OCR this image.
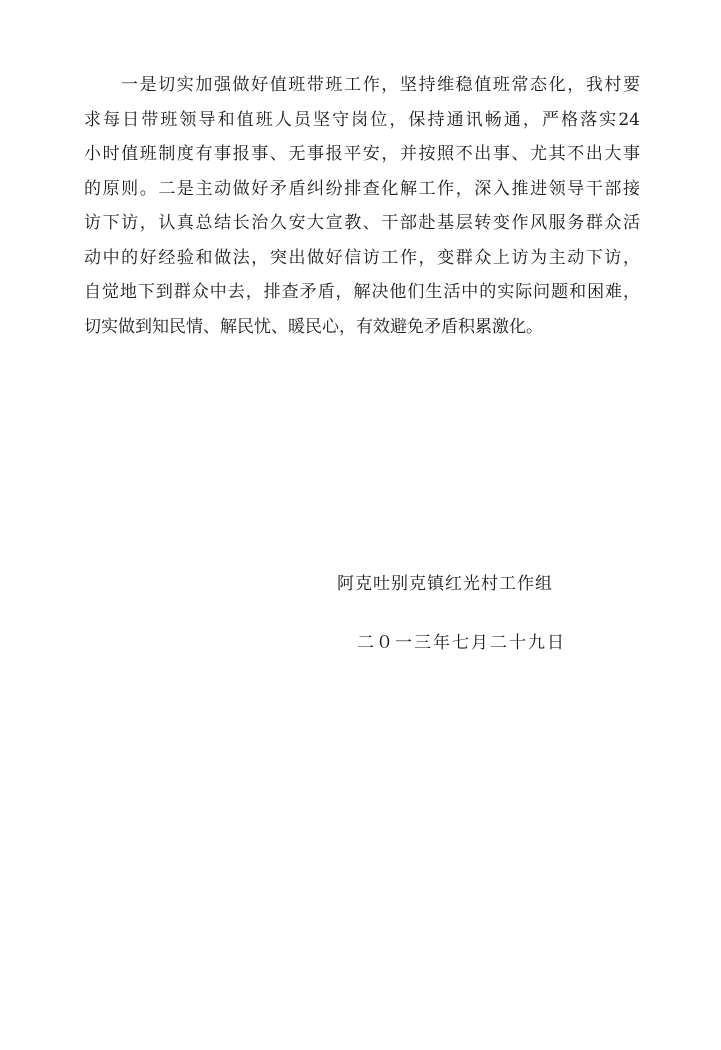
一是切实加强做好值班带班工作，坚持维稳值班常态化，我村要
求每日带班领导和值班人员坚守岗位，保持通讯畅通，严格落实24
小时值班制度有事报事、无事报平安，并按照不出事、尤其不出大事
的原则。二是主动做好矛盾纠纷排查化解工作，深入推进领导干部接
访下访，认真总结长治久安大宣教、干部赴基层转变作风服务群众活
动中的好经验和做法，突出做好信访工作，变群众上访为主动下访，
自觉地下到群众中去，排查矛盾，解决他们生活中的实际问题和困难，
切实做到知民情、解民忧、暖民心，有效避免矛盾积累激化。
阿克吐别克镇红光村工作组
二０一三年七月二十九日
